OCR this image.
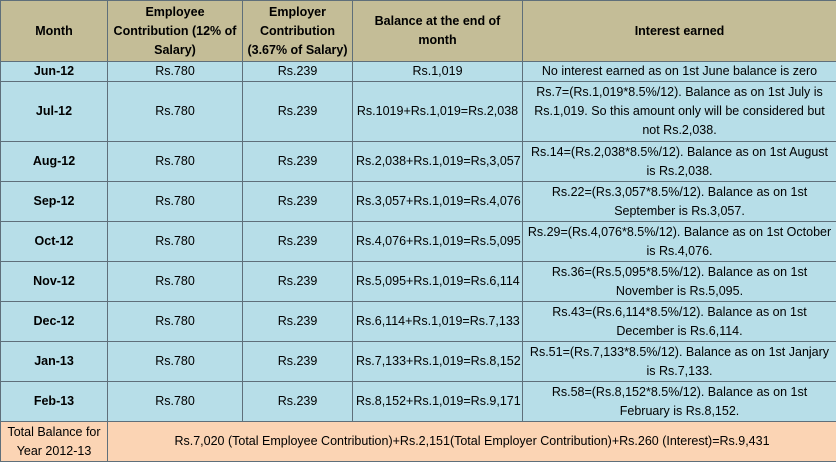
Month	Employee Contribution (12% of Salary)	Employer Contribution (3.67% of Salary)	Balance at the end of month	Interest earned
Jun-12	Rs.780	Rs.239	Rs.1,019	No interest earned as on 1st June balance is zero
Jul-12	Rs.780	Rs.239	Rs.1019+Rs.1,019=Rs.2,038	Rs.7=(Rs.1,019*8.5%/12). Balance as on 1st July is Rs.1,019. So this amount only will be considered but not Rs.2,038.
Aug-12	Rs.780	Rs.239	Rs.2,038+Rs.1,019=Rs,3,057	Rs.14=(Rs.2,038*8.5%/12). Balance as on 1st August is Rs.2,038.
Sep-12	Rs.780	Rs.239	Rs.3,057+Rs.1,019=Rs.4,076	Rs.22=(Rs.3,057*8.5%/12). Balance as on 1st September is Rs.3,057.
Oct-12	Rs.780	Rs.239	Rs.4,076+Rs.1,019=Rs.5,095	Rs.29=(Rs.4,076*8.5%/12). Balance as on 1st October is Rs.4,076.
Nov-12	Rs.780	Rs.239	Rs.5,095+Rs.1,019=Rs.6,114	Rs.36=(Rs.5,095*8.5%/12). Balance as on 1st November is Rs.5,095.
Dec-12	Rs.780	Rs.239	Rs.6,114+Rs.1,019=Rs.7,133	Rs.43=(Rs.6,114*8.5%/12). Balance as on 1st December is Rs.6,114.
Jan-13	Rs.780	Rs.239	Rs.7,133+Rs.1,019=Rs.8,152	Rs.51=(Rs.7,133*8.5%/12). Balance as on 1st Janjary is Rs.7,133.
Feb-13	Rs.780	Rs.239	Rs.8,152+Rs.1,019=Rs.9,171	Rs.58=(Rs.8,152*8.5%/12). Balance as on 1st February is Rs.8,152.
Total Balance for Year 2012-13	Rs.7,020 (Total Employee Contribution)+Rs.2,151(Total Employer Contribution)+Rs.260 (Interest)=Rs.9,431			
